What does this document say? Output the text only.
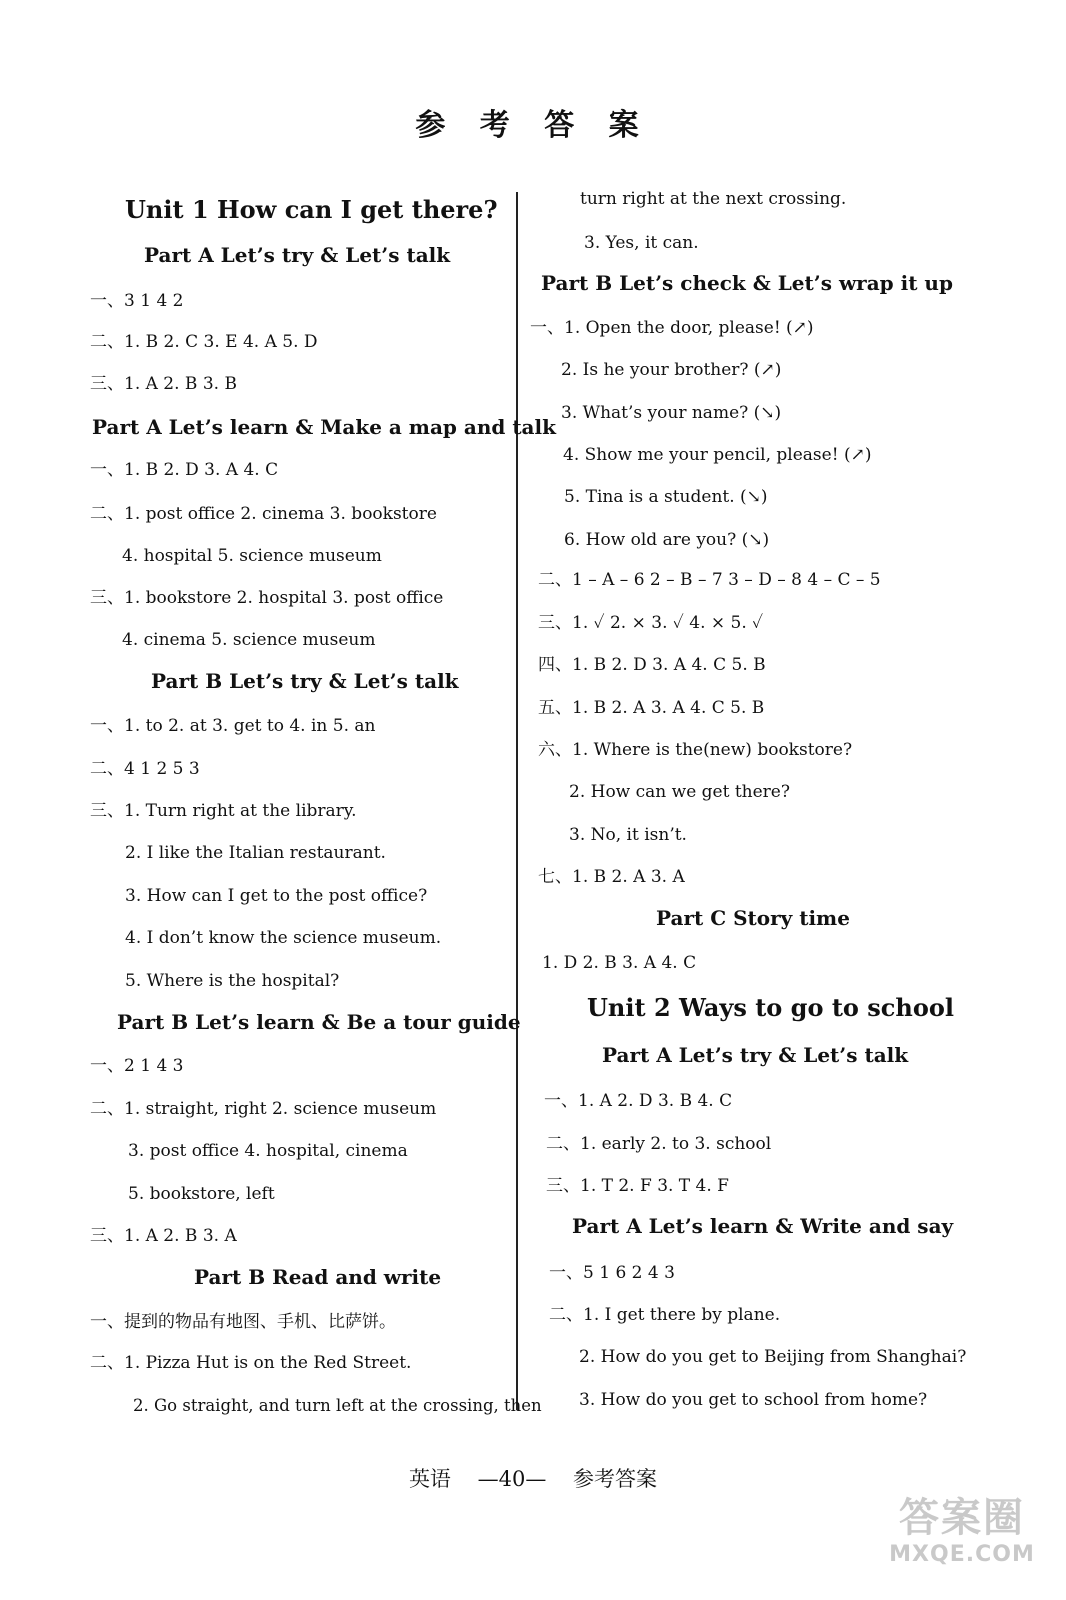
参 考 答 案
Unit 1 How can I get there?
Part A Let’s try & Let’s talk
一、3 1 4 2
二、1. B 2. C 3. E 4. A 5. D
三、1. A 2. B 3. B
Part A Let’s learn & Make a map and talk
一、1. B 2. D 3. A 4. C
二、1. post office 2. cinema 3. bookstore
4. hospital 5. science museum
三、1. bookstore 2. hospital 3. post office
4. cinema 5. science museum
Part B Let’s try & Let’s talk
一、1. to 2. at 3. get to 4. in 5. an
二、4 1 2 5 3
三、1. Turn right at the library.
2. I like the Italian restaurant.
3. How can I get to the post office?
4. I don’t know the science museum.
5. Where is the hospital?
Part B Let’s learn & Be a tour guide
一、2 1 4 3
二、1. straight, right 2. science museum
3. post office 4. hospital, cinema
5. bookstore, left
三、1. A 2. B 3. A
Part B Read and write
一、提到的物品有地图、手机、比萨饼。
二、1. Pizza Hut is on the Red Street.
2. Go straight, and turn left at the crossing, then
turn right at the next crossing.
3. Yes, it can.
Part B Let’s check & Let’s wrap it up
一、1. Open the door, please! (↗)
2. Is he your brother? (↗)
3. What’s your name? (↘)
4. Show me your pencil, please! (↗)
5. Tina is a student. (↘)
6. How old are you? (↘)
二、1 – A – 6 2 – B – 7 3 – D – 8 4 – C – 5
三、1. ✓ 2. × 3. ✓ 4. × 5. ✓
四、1. B 2. D 3. A 4. C 5. B
五、1. B 2. A 3. A 4. C 5. B
六、1. Where is the(new) bookstore?
2. How can we get there?
3. No, it isn’t.
七、1. B 2. A 3. A
Part C Story time
1. D 2. B 3. A 4. C
Unit 2 Ways to go to school
Part A Let’s try & Let’s talk
一、1. A 2. D 3. B 4. C
二、1. early 2. to 3. school
三、1. T 2. F 3. T 4. F
Part A Let’s learn & Write and say
一、5 1 6 2 4 3
二、1. I get there by plane.
2. How do you get to Beijing from Shanghai?
3. How do you get to school from home?
英语 —40— 参考答案
答案圈
MXQE.COM
